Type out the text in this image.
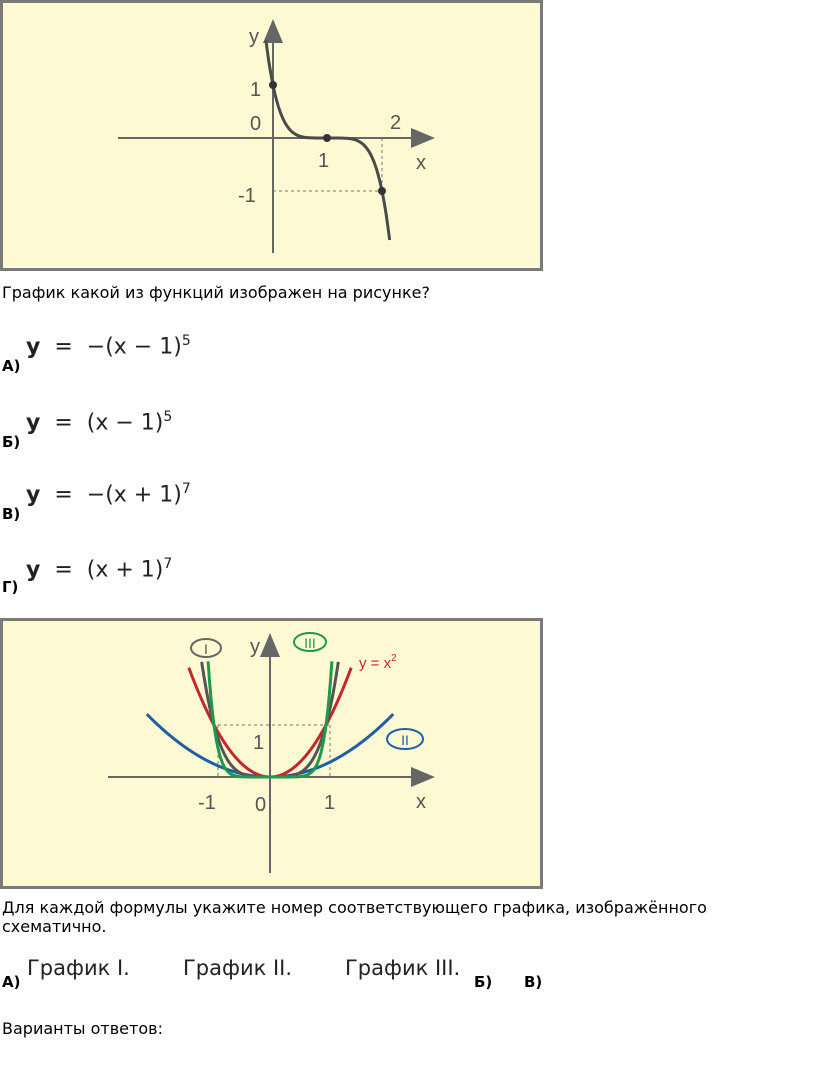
y
x
1
0
-1
1
2
График какой из функций изображен на рисунке?
А)
$y = -(x - 1)^5$
Б)
$y = (x - 1)^5$
В)
$y = -(x + 1)^7$
Г)
$y = (x + 1)^7$
y
x
1
0
-1	1
I	III
II
$y = x^2$
Для каждой формулы укажите номер соответствующего графика, изображённого схематично.
А)
График I.	График II.	График III.
Б) В)
Варианты ответов:
